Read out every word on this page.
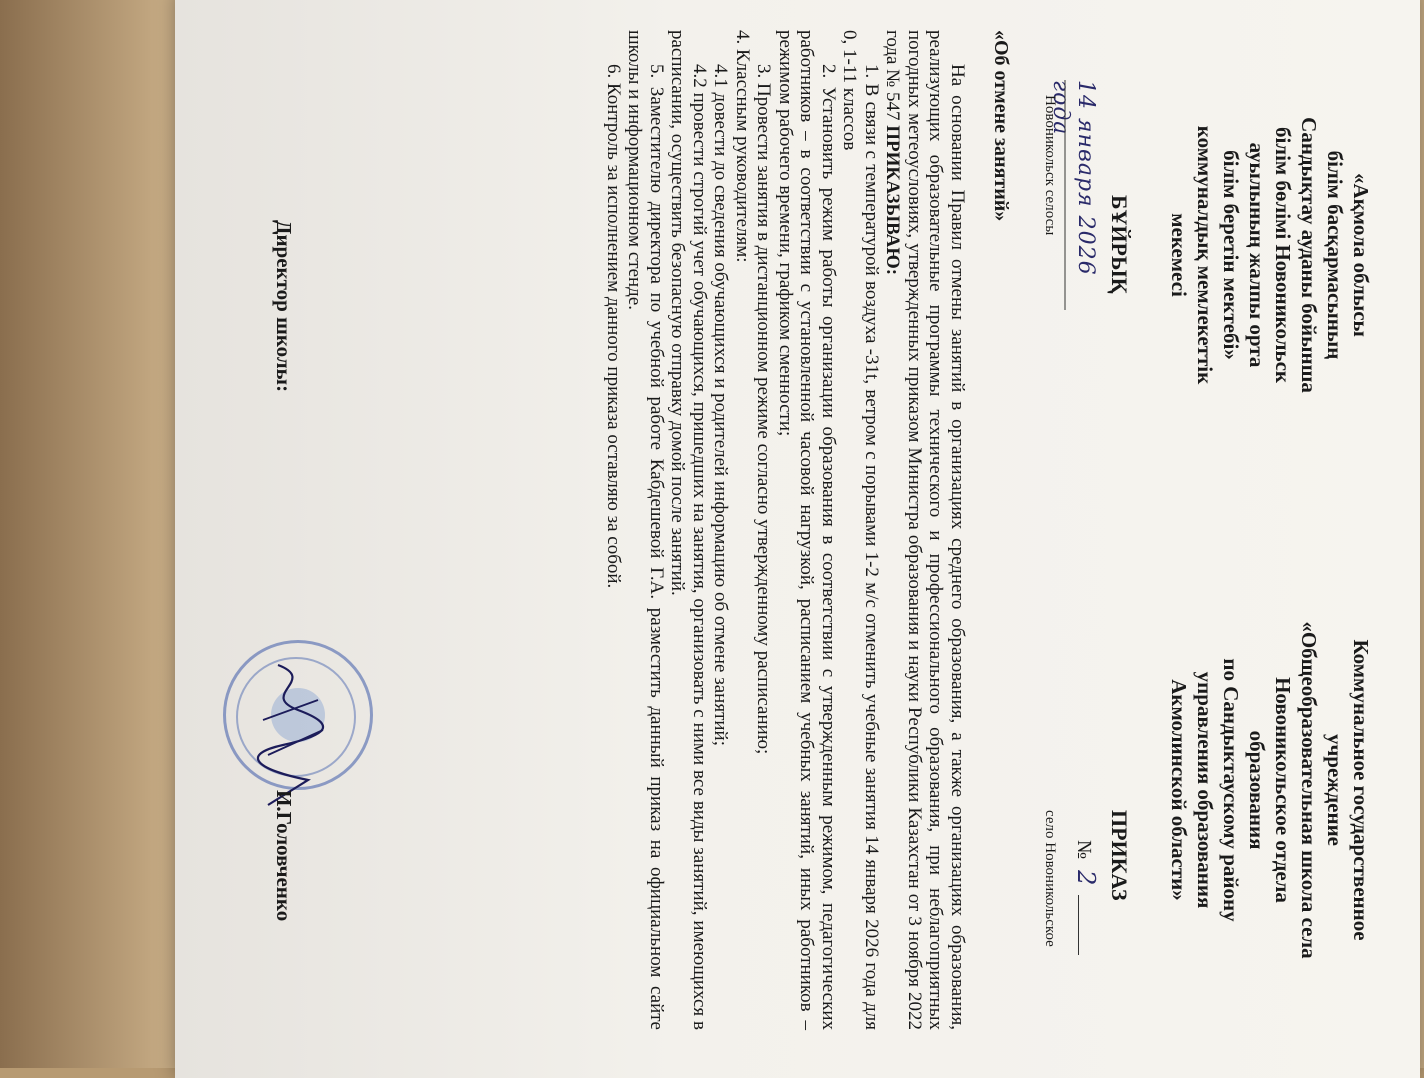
«Ақмола облысы
білім басқармасының
Сандықтау ауданы бойынша
білім бөлімі Новоникольск
ауылының жалпы орта
білім беретін мектебі»
коммуналдық мемлекеттік
мекемесі
Коммунальное государственное
учреждение
«Общеобразовательная школа села
Новоникольское отдела
образования
по Сандыктаускому району
управления образования
Акмолинской области»
БҰЙРЫҚ
ПРИКАЗ
14 января 2026 года
Новоникольск селосы
№ 2
село Новоникольское
«Об отмене занятий»

На основании Правил отмены занятий в организациях среднего образования, а также организациях образования, реализующих образовательные программы технического и профессионального образования, при неблагоприятных погодных метеоусловиях, утвержденных приказом Министра образования и науки Республики Казахстан от 3 ноября 2022 года № 547 ПРИКАЗЫВАЮ:

1. В связи с температурой воздуха -31t, ветром с порывами 1-2 м/с отменить учебные занятия 14 января 2026 года для 0, 1-11 классов

2. Установить режим работы организации образования в соответствии с утвержденным режимом, педагогических работников – в соответствии с установленной часовой нагрузкой, расписанием учебных занятий, иных работников – режимом рабочего времени, графиком сменности;

3. Провести занятия в дистанционном режиме согласно утвержденному расписанию;

4. Классным руководителям:

4.1 довести до сведения обучающихся и родителей информацию об отмене занятий;

4.2 провести строгий учет обучающихся, пришедших на занятия, организовать с ними все виды занятий, имеющихся в расписании, осуществить безопасную отправку домой после занятий.

5. Заместителю директора по учебной работе Кабдешевой Г.А. разместить данный приказ на официальном сайте школы и информационном стенде.

6. Контроль за исполнением данного приказа оставляю за собой.

Директор школы:
И.Головченко
